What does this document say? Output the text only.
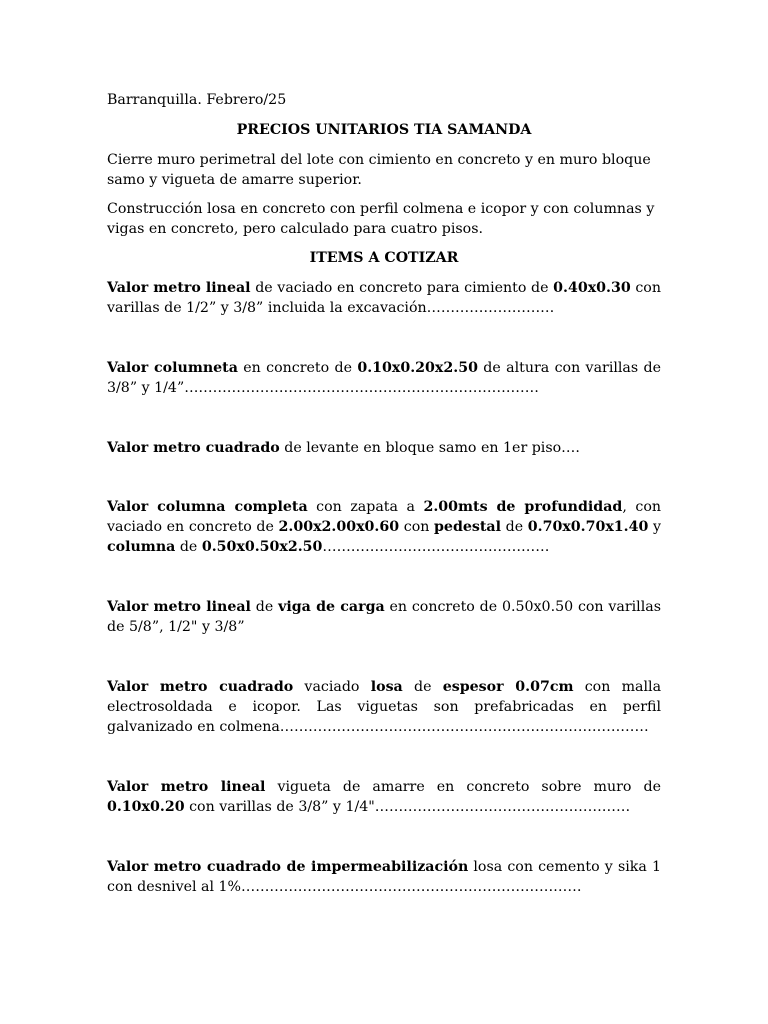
Barranquilla. Febrero/25

PRECIOS UNITARIOS TIA SAMANDA

Cierre muro perimetral del lote con cimiento en concreto y en muro bloque samo y vigueta de amarre superior.

Construcción losa en concreto con perfil colmena e icopor y con columnas y vigas en concreto, pero calculado para cuatro pisos.

ITEMS A COTIZAR

Valor metro lineal de vaciado en concreto para cimiento de 0.40x0.30 con varillas de 1/2” y 3/8” incluida la excavación………………………

Valor columneta en concreto de 0.10x0.20x2.50 de altura con varillas de 3/8” y 1/4”…………………………………………………………………

Valor metro cuadrado de levante en bloque samo en 1er piso….

Valor columna completa con zapata a 2.00mts de profundidad, con vaciado en concreto de 2.00x2.00x0.60 con pedestal de 0.70x0.70x1.40 y columna de 0.50x0.50x2.50…………………………………………

Valor metro lineal de viga de carga en concreto de 0.50x0.50 con varillas de 5/8”, 1/2" y 3/8”

Valor metro cuadrado vaciado losa de espesor 0.07cm con malla electrosoldada e icopor. Las viguetas son prefabricadas en perfil galvanizado en colmena……………………………………………………………………

Valor metro lineal vigueta de amarre en concreto sobre muro de 0.10x0.20 con varillas de 3/8” y 1/4"………………………………………………

Valor metro cuadrado de impermeabilización losa con cemento y sika 1 con desnivel al 1%………………………………………………………………
